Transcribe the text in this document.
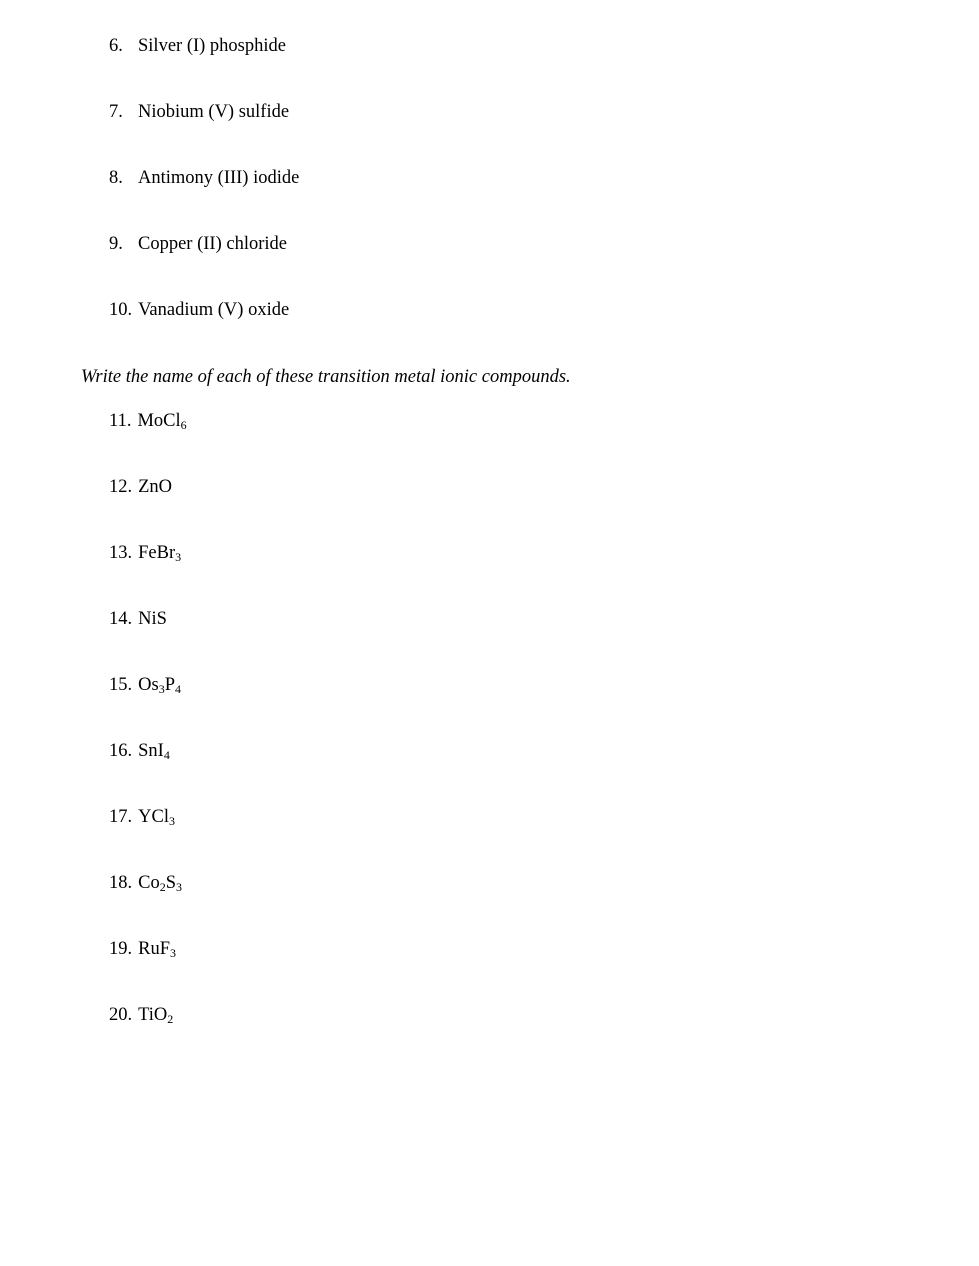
6. Silver (I) phosphide
7. Niobium (V) sulfide
8. Antimony (III) iodide
9. Copper (II) chloride
10. Vanadium (V) oxide
Write the name of each of these transition metal ionic compounds.
11. MoCl$_6$
12. ZnO
13. FeBr$_3$
14. NiS
15. $Os_3P_4$
16. SnI$_4$
17. YCl$_3$
18. $Co_2S_3$
19. RuF$_3$
20. TiO$_2$
